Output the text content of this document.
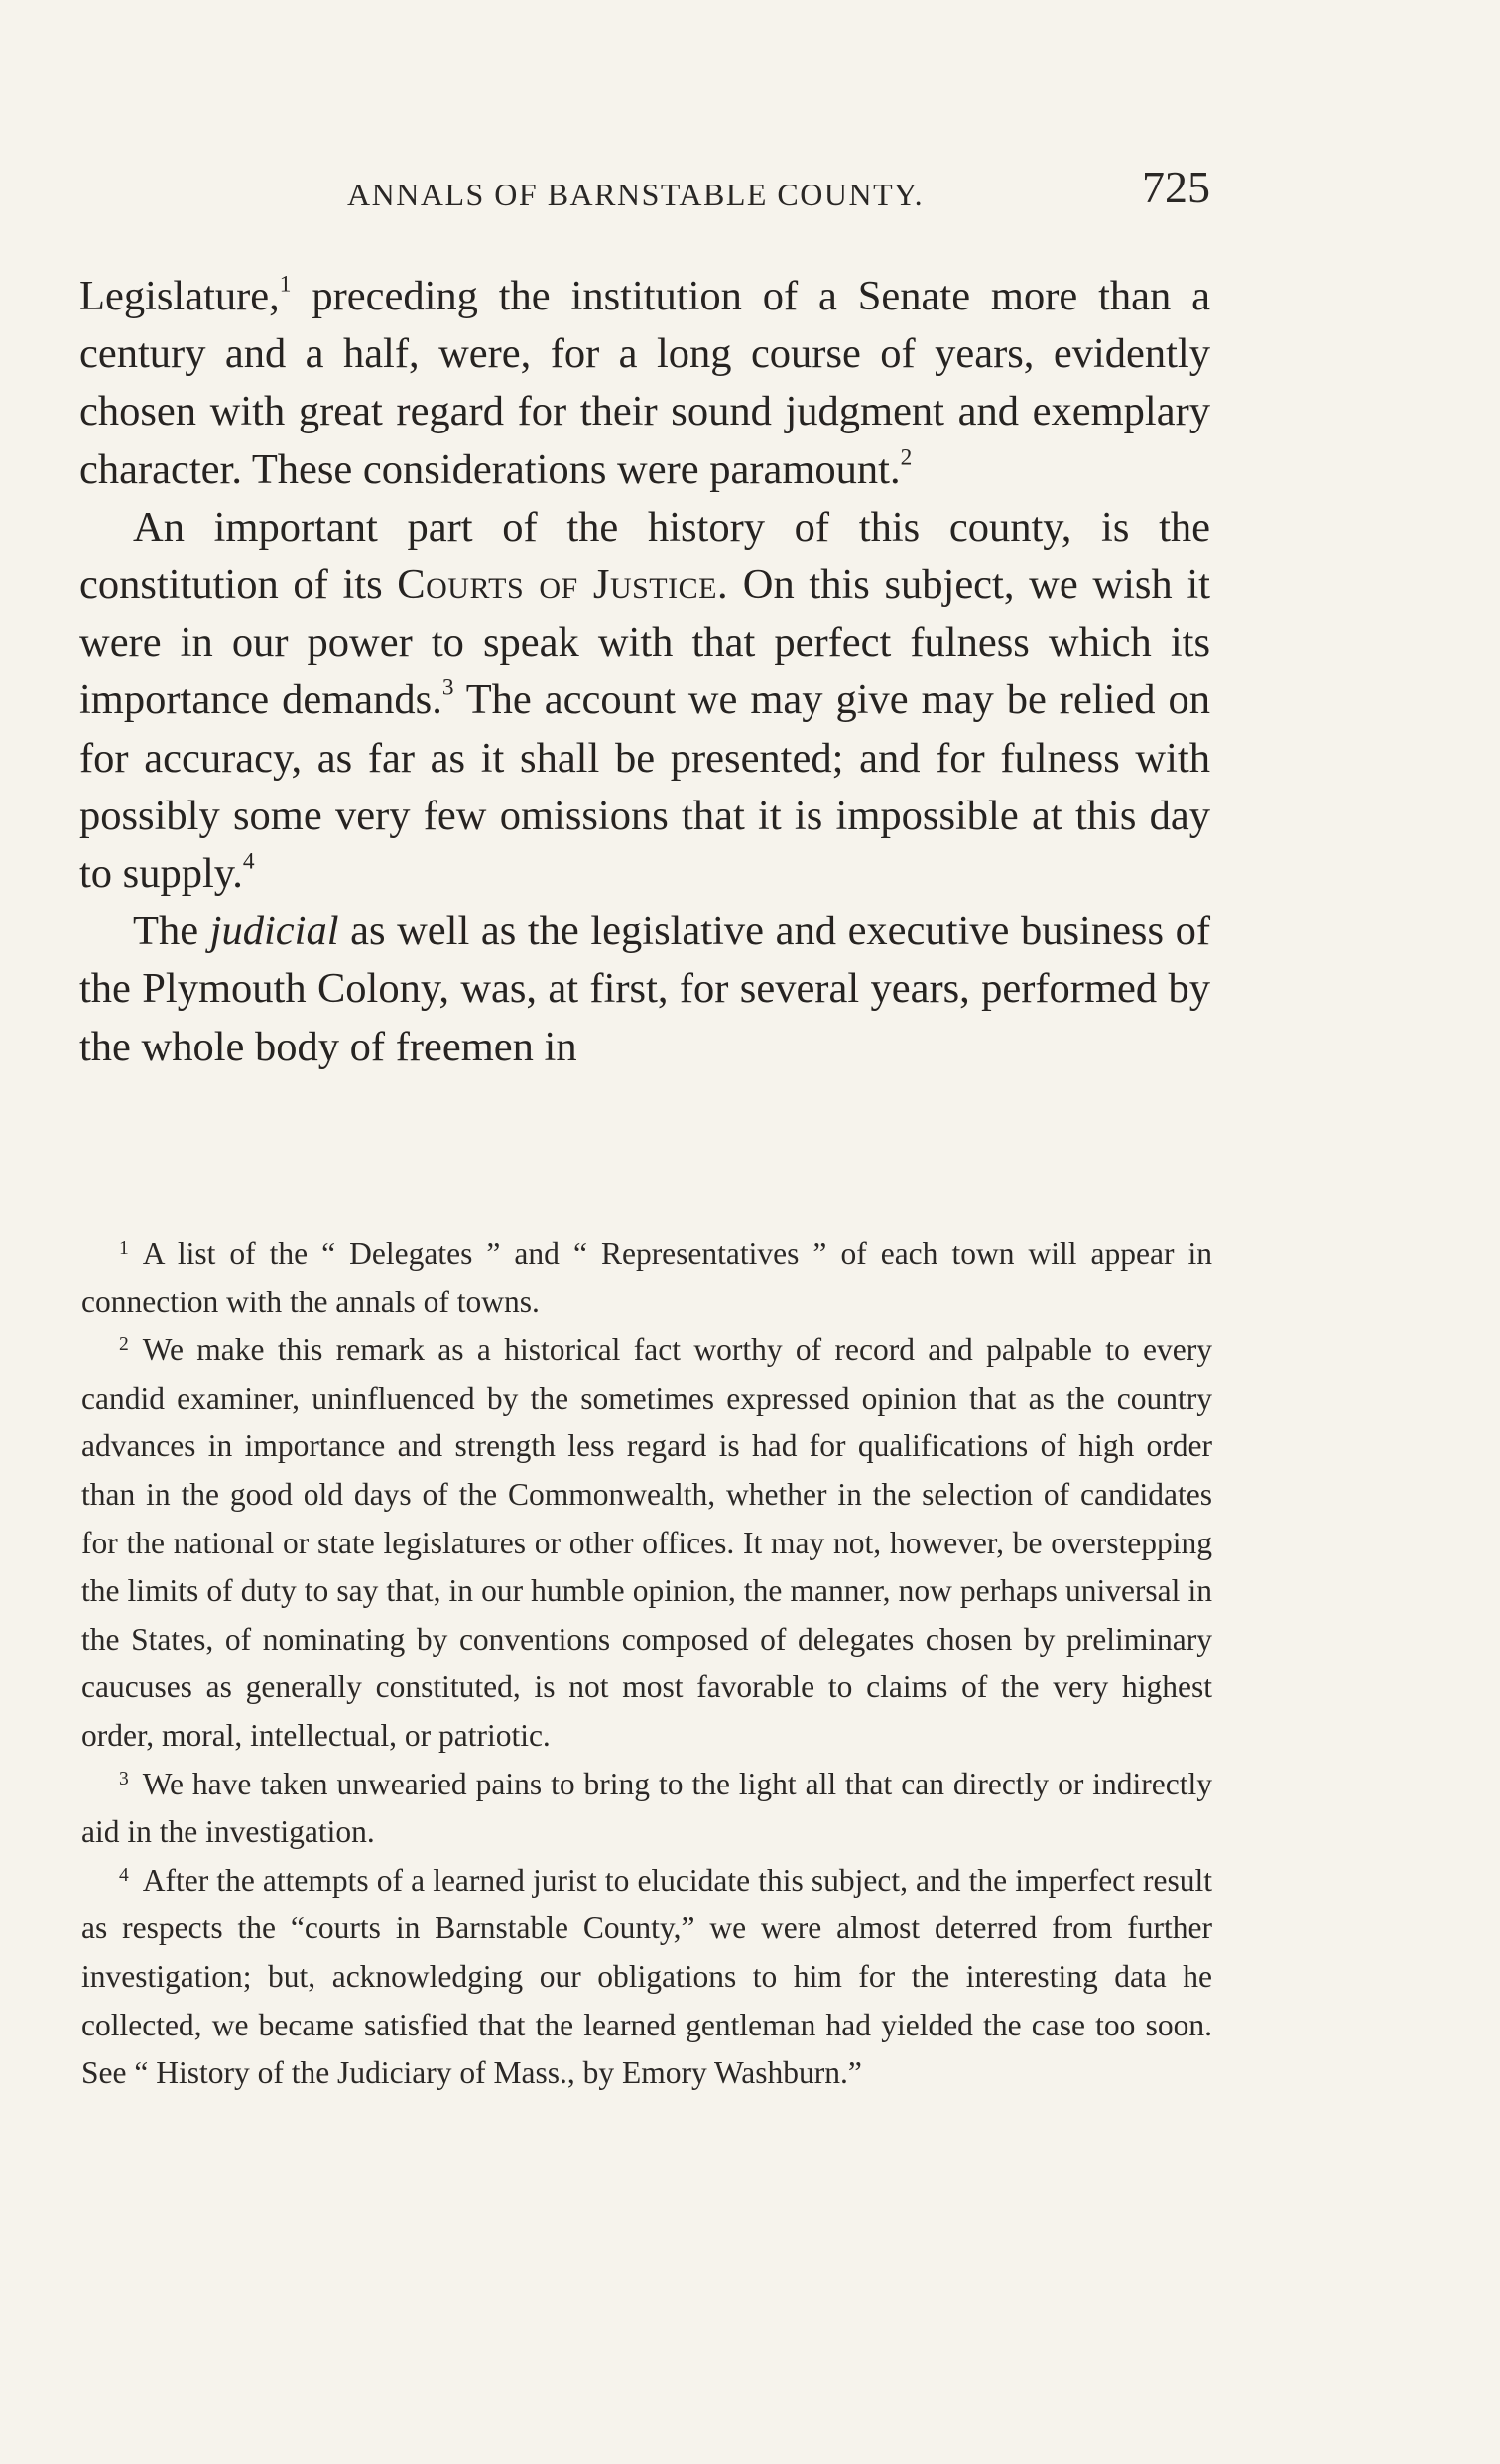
ANNALS OF BARNSTABLE COUNTY.	725

Legislature,$^1$ preceding the institution of a Senate more than a century and a half, were, for a long course of years, evidently chosen with great regard for their sound judgment and exemplary character. These considerations were paramount.$^2$

An important part of the history of this county, is the constitution of its Courts of Justice. On this subject, we wish it were in our power to speak with that perfect fulness which its importance demands.$^3$ The account we may give may be relied on for accuracy, as far as it shall be presented; and for fulness with possibly some very few omissions that it is impossible at this day to supply.$^4$

The judicial as well as the legislative and executive business of the Plymouth Colony, was, at first, for several years, performed by the whole body of freemen in

$^1$ A list of the “ Delegates ” and “ Representatives ” of each town will appear in connection with the annals of towns.

$^2$ We make this remark as a historical fact worthy of record and palpable to every candid examiner, uninfluenced by the sometimes expressed opinion that as the country advances in importance and strength less regard is had for qualifications of high order than in the good old days of the Commonwealth, whether in the selection of candidates for the national or state legislatures or other offices. It may not, however, be overstepping the limits of duty to say that, in our humble opinion, the manner, now perhaps universal in the States, of nominating by conventions composed of delegates chosen by preliminary caucuses as generally constituted, is not most favorable to claims of the very highest order, moral, intellectual, or patriotic.

$^3$ We have taken unwearied pains to bring to the light all that can directly or indirectly aid in the investigation.

$^4$ After the attempts of a learned jurist to elucidate this subject, and the imperfect result as respects the “courts in Barnstable County,” we were almost deterred from further investigation; but, acknowledging our obligations to him for the interesting data he collected, we became satisfied that the learned gentleman had yielded the case too soon. See “ History of the Judiciary of Mass., by Emory Washburn.”
